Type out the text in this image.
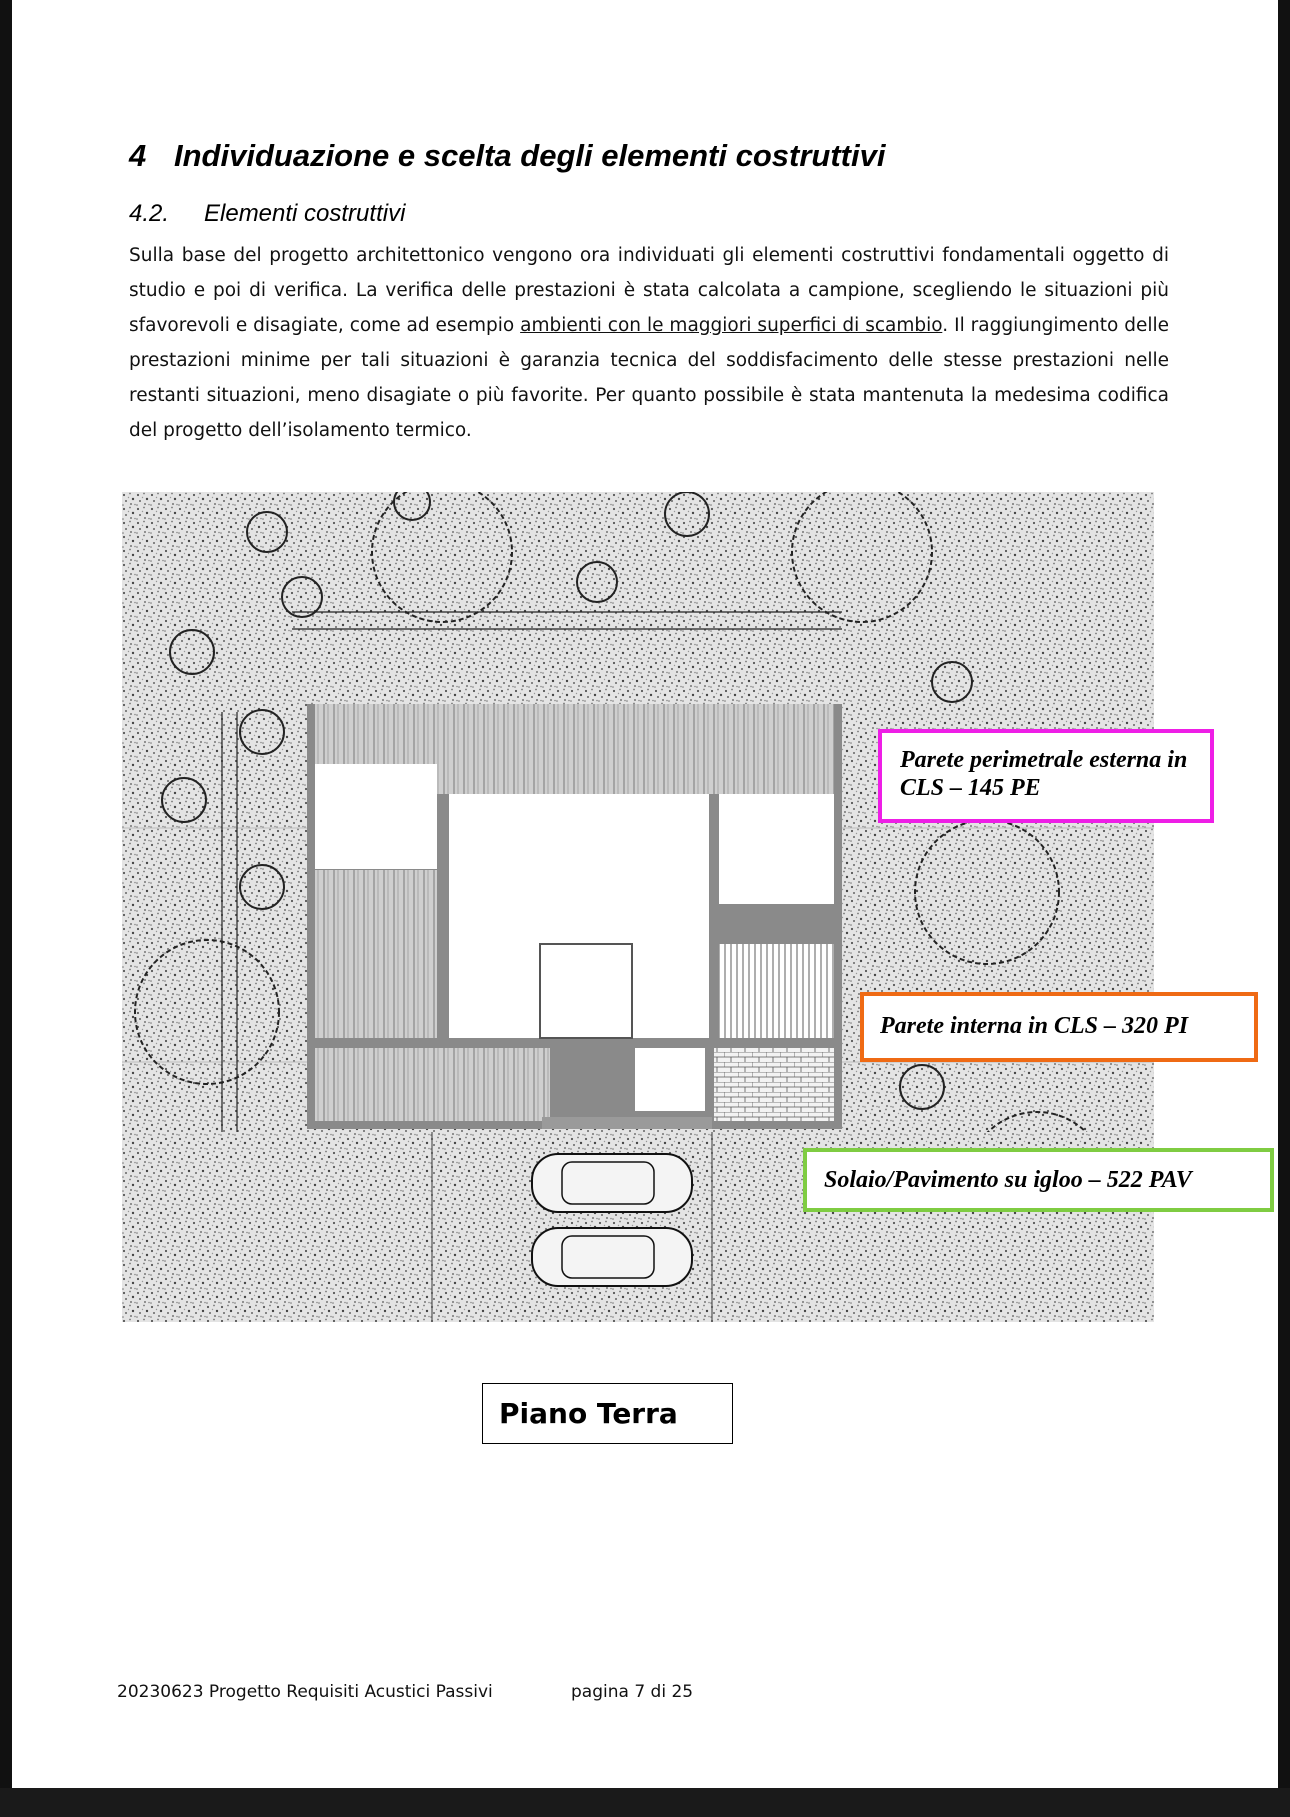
4 Individuazione e scelta degli elementi costruttivi
4.2. Elementi costruttivi

Sulla base del progetto architettonico vengono ora individuati gli elementi costruttivi fondamentali oggetto di studio e poi di verifica. La verifica delle prestazioni è stata calcolata a campione, scegliendo le situazioni più sfavorevoli e disagiate, come ad esempio ambienti con le maggiori superfici di scambio. Il raggiungimento delle prestazioni minime per tali situazioni è garanzia tecnica del soddisfacimento delle stesse prestazioni nelle restanti situazioni, meno disagiate o più favorite. Per quanto possibile è stata mantenuta la medesima codifica del progetto dell’isolamento termico.

Parete perimetrale esterna in CLS – 145 PE
Parete interna in CLS – 320 PI
Solaio/Pavimento su igloo – 522 PAV
Piano Terra
20230623 Progetto Requisiti Acustici Passivi	pagina 7 di 25
